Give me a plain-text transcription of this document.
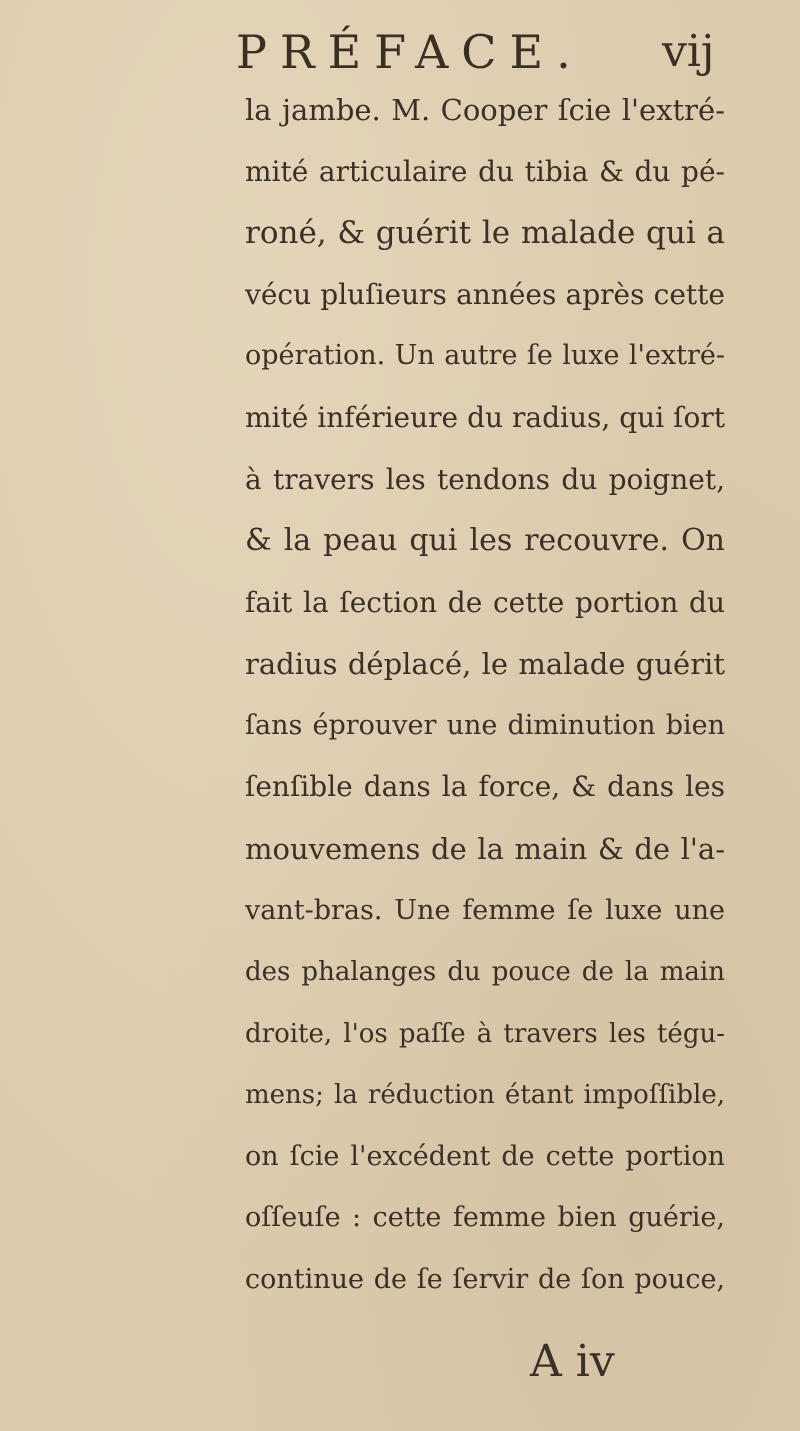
PRÉFACE. vij
la jambe. M. Cooper ſcie l'extré-
mité articulaire du tibia & du pé-
roné, & guérit le malade qui a
vécu pluſieurs années après cette
opération. Un autre ſe luxe l'extré-
mité inférieure du radius, qui ſort
à travers les tendons du poignet,
& la peau qui les recouvre. On
fait la ſection de cette portion du
radius déplacé, le malade guérit
ſans éprouver une diminution bien
ſenſible dans la force, & dans les
mouvemens de la main & de l'a-
vant-bras. Une femme ſe luxe une
des phalanges du pouce de la main
droite, l'os paſſe à travers les tégu-
mens; la réduction étant impoſſible,
on ſcie l'excédent de cette portion
oſſeuſe : cette femme bien guérie,
continue de ſe ſervir de ſon pouce,
A iv
